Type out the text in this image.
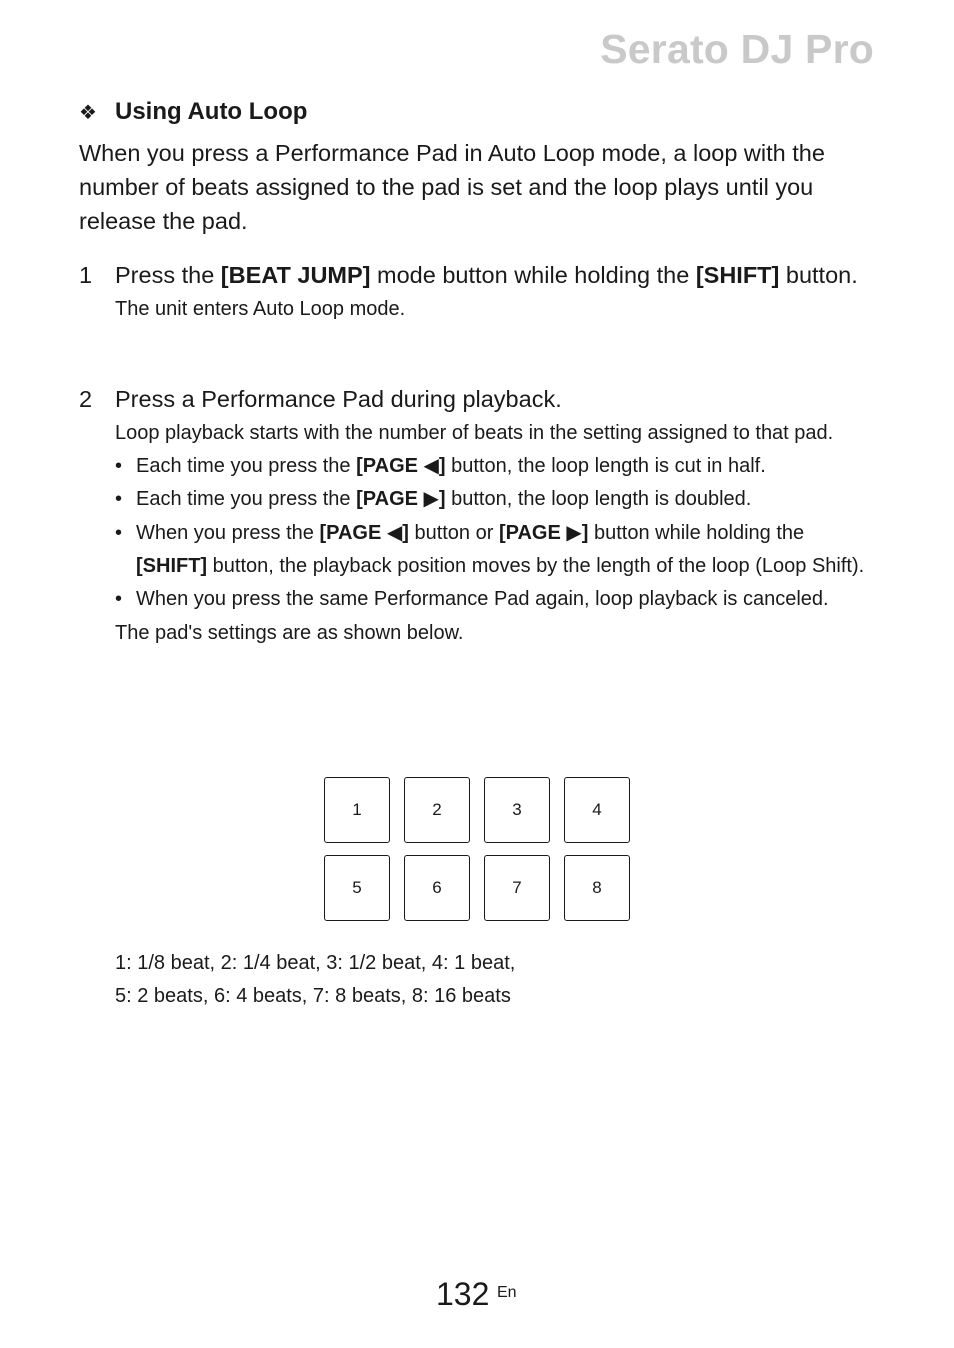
Serato DJ Pro
❖ Using Auto Loop

When you press a Performance Pad in Auto Loop mode, a loop with the number of beats assigned to the pad is set and the loop plays until you release the pad.

1 Press the [BEAT JUMP] mode button while holding the [SHIFT] button.
The unit enters Auto Loop mode.
2 Press a Performance Pad during playback.
Loop playback starts with the number of beats in the setting assigned to that pad.
• Each time you press the [PAGE ◀] button, the loop length is cut in half.
• Each time you press the [PAGE ▶] button, the loop length is doubled.
• When you press the [PAGE ◀] button or [PAGE ▶] button while holding the [SHIFT] button, the playback position moves by the length of the loop (Loop Shift).
• When you press the same Performance Pad again, loop playback is canceled.
The pad's settings are as shown below.
1	2	3	4
5	6	7	8
1: 1/8 beat, 2: 1/4 beat, 3: 1/2 beat, 4: 1 beat,
5: 2 beats, 6: 4 beats, 7: 8 beats, 8: 16 beats
132 En
